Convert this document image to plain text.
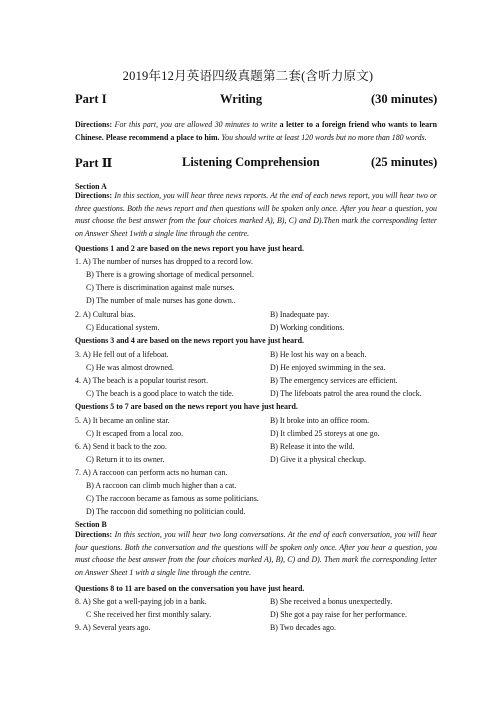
2019年12月英语四级真题第二套(含听力原文)
Part I	Writing	(30 minutes)
Directions: For this part, you are allowed 30 minutes to write a letter to a foreign friend who wants to learn Chinese. Please recommend a place to him. You should write at least 120 words but no more than 180 words.
Part Ⅱ	Listening Comprehension	(25 minutes)
Section A
Directions: In this section, you will hear three news reports. At the end of each news report, you will hear two or three questions. Both the news report and then questions will be spoken only once. After you hear a question, you must choose the best answer from the four choices marked A), B), C) and D).Then mark the corresponding letter on Answer Sheet 1with a single line through the centre.
Questions 1 and 2 are based on the news report you have just heard.
1. A) The number of nurses has dropped to a record low.
B) There is a growing shortage of medical personnel.
C) There is discrimination against male nurses.
D) The number of male nurses has gone down..
2. A) Cultural bias.	B) Inadequate pay.
C) Educational system.	D) Working conditions.
Questions 3 and 4 are based on the news report you have just heard.
3. A) He fell out of a lifeboat.	B) He lost his way on a beach.
C) He was almost drowned.	D) He enjoyed swimming in the sea.
4. A) The beach is a popular tourist resort.	B) The emergency services are efficient.
C) The beach is a good place to watch the tide.	D) The lifeboats patrol the area round the clock.
Questions 5 to 7 are based on the news report you have just heard.
5. A) It became an online star.	B) It broke into an office room.
C) It escaped from a local zoo.	D) It climbed 25 storeys at one go.
6. A) Send it back to the zoo.	B) Release it into the wild.
C) Return it to its owner.	D) Give it a physical checkup.
7. A) A raccoon can perform acts no human can.
B) A raccoon can climb much higher than a cat.
C) The raccoon became as famous as some politicians.
D) The raccoon did something no politician could.
Section B
Directions: In this section, you will hear two long conversations. At the end of each conversation, you will hear four questions. Both the conversation and the questions will be spoken only once. After you hear a question, you must choose the best answer from the four choices marked A), B), C) and D). Then mark the corresponding letter on Answer Sheet 1 with a single line through the centre.
Questions 8 to 11 are based on the conversation you have just heard.
8. A) She got a well-paying job in a bank.	B) She received a bonus unexpectedly.
C She received her first monthly salary.	D) She got a pay raise for her performance.
9. A) Several years ago.	B) Two decades ago.
